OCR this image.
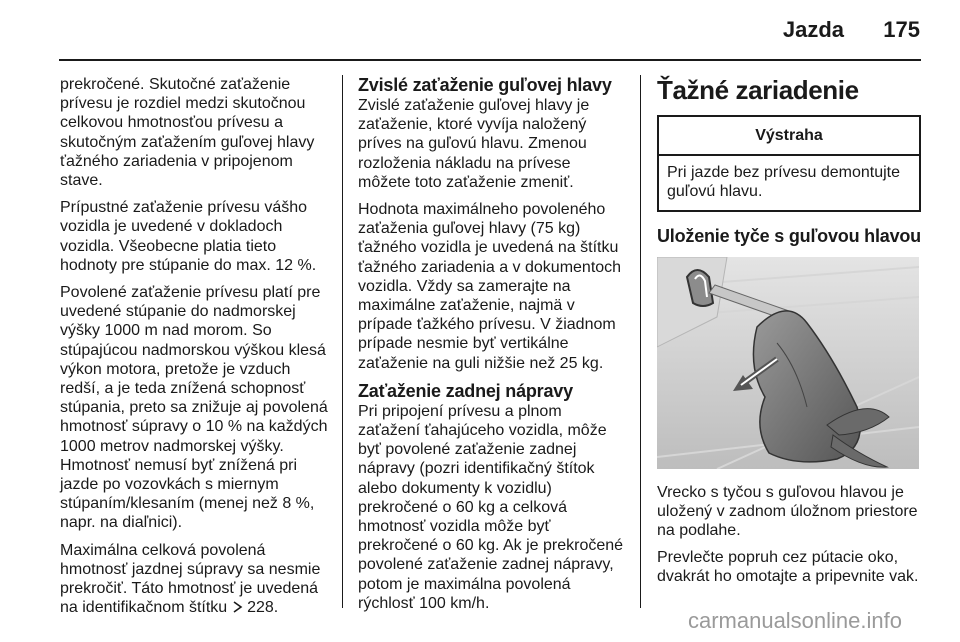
Jazda 175

prekročené. Skutočné zaťaženie prívesu je rozdiel medzi skutočnou celkovou hmotnosťou prívesu a skutočným zaťažením guľovej hlavy ťažného zariadenia v pripojenom stave.

Prípustné zaťaženie prívesu vášho vozidla je uvedené v dokladoch vozidla. Všeobecne platia tieto hodnoty pre stúpanie do max. 12 %.

Povolené zaťaženie prívesu platí pre uvedené stúpanie do nadmorskej výšky 1000 m nad morom. So stúpajúcou nadmorskou výškou klesá výkon motora, pretože je vzduch redší, a je teda znížená schopnosť stúpania, preto sa znižuje aj povolená hmotnosť súpravy o 10 % na každých 1000 metrov nadmorskej výšky. Hmotnosť nemusí byť znížená pri jazde po vozovkách s miernym stúpaním/klesaním (menej než 8 %, napr. na diaľnici).

Maximálna celková povolená hmotnosť jazdnej súpravy sa nesmie prekročiť. Táto hmotnosť je uvedená na identifikačnom štítku 228.

Zvislé zaťaženie guľovej hlavy

Zvislé zaťaženie guľovej hlavy je zaťaženie, ktoré vyvíja naložený príves na guľovú hlavu. Zmenou rozloženia nákladu na prívese môžete toto zaťaženie zmeniť.

Hodnota maximálneho povoleného zaťaženia guľovej hlavy (75 kg) ťažného vozidla je uvedená na štítku ťažného zariadenia a v dokumentoch vozidla. Vždy sa zamerajte na maximálne zaťaženie, najmä v prípade ťažkého prívesu. V žiadnom prípade nesmie byť vertikálne zaťaženie na guli nižšie než 25 kg.

Zaťaženie zadnej nápravy

Pri pripojení prívesu a plnom zaťažení ťahajúceho vozidla, môže byť povolené zaťaženie zadnej nápravy (pozri identifikačný štítok alebo dokumenty k vozidlu) prekročené o 60 kg a celková hmotnosť vozidla môže byť prekročené o 60 kg. Ak je prekročené povolené zaťaženie zadnej nápravy, potom je maximálna povolená rýchlosť 100 km/h.

Ťažné zariadenie
Výstraha
Pri jazde bez prívesu demontujte guľovú hlavu.
Uloženie tyče s guľovou hlavou

Vrecko s tyčou s guľovou hlavou je uložený v zadnom úložnom priestore na podlahe.

Prevlečte popruh cez pútacie oko, dvakrát ho omotajte a pripevnite vak.

carmanualsonline.info
